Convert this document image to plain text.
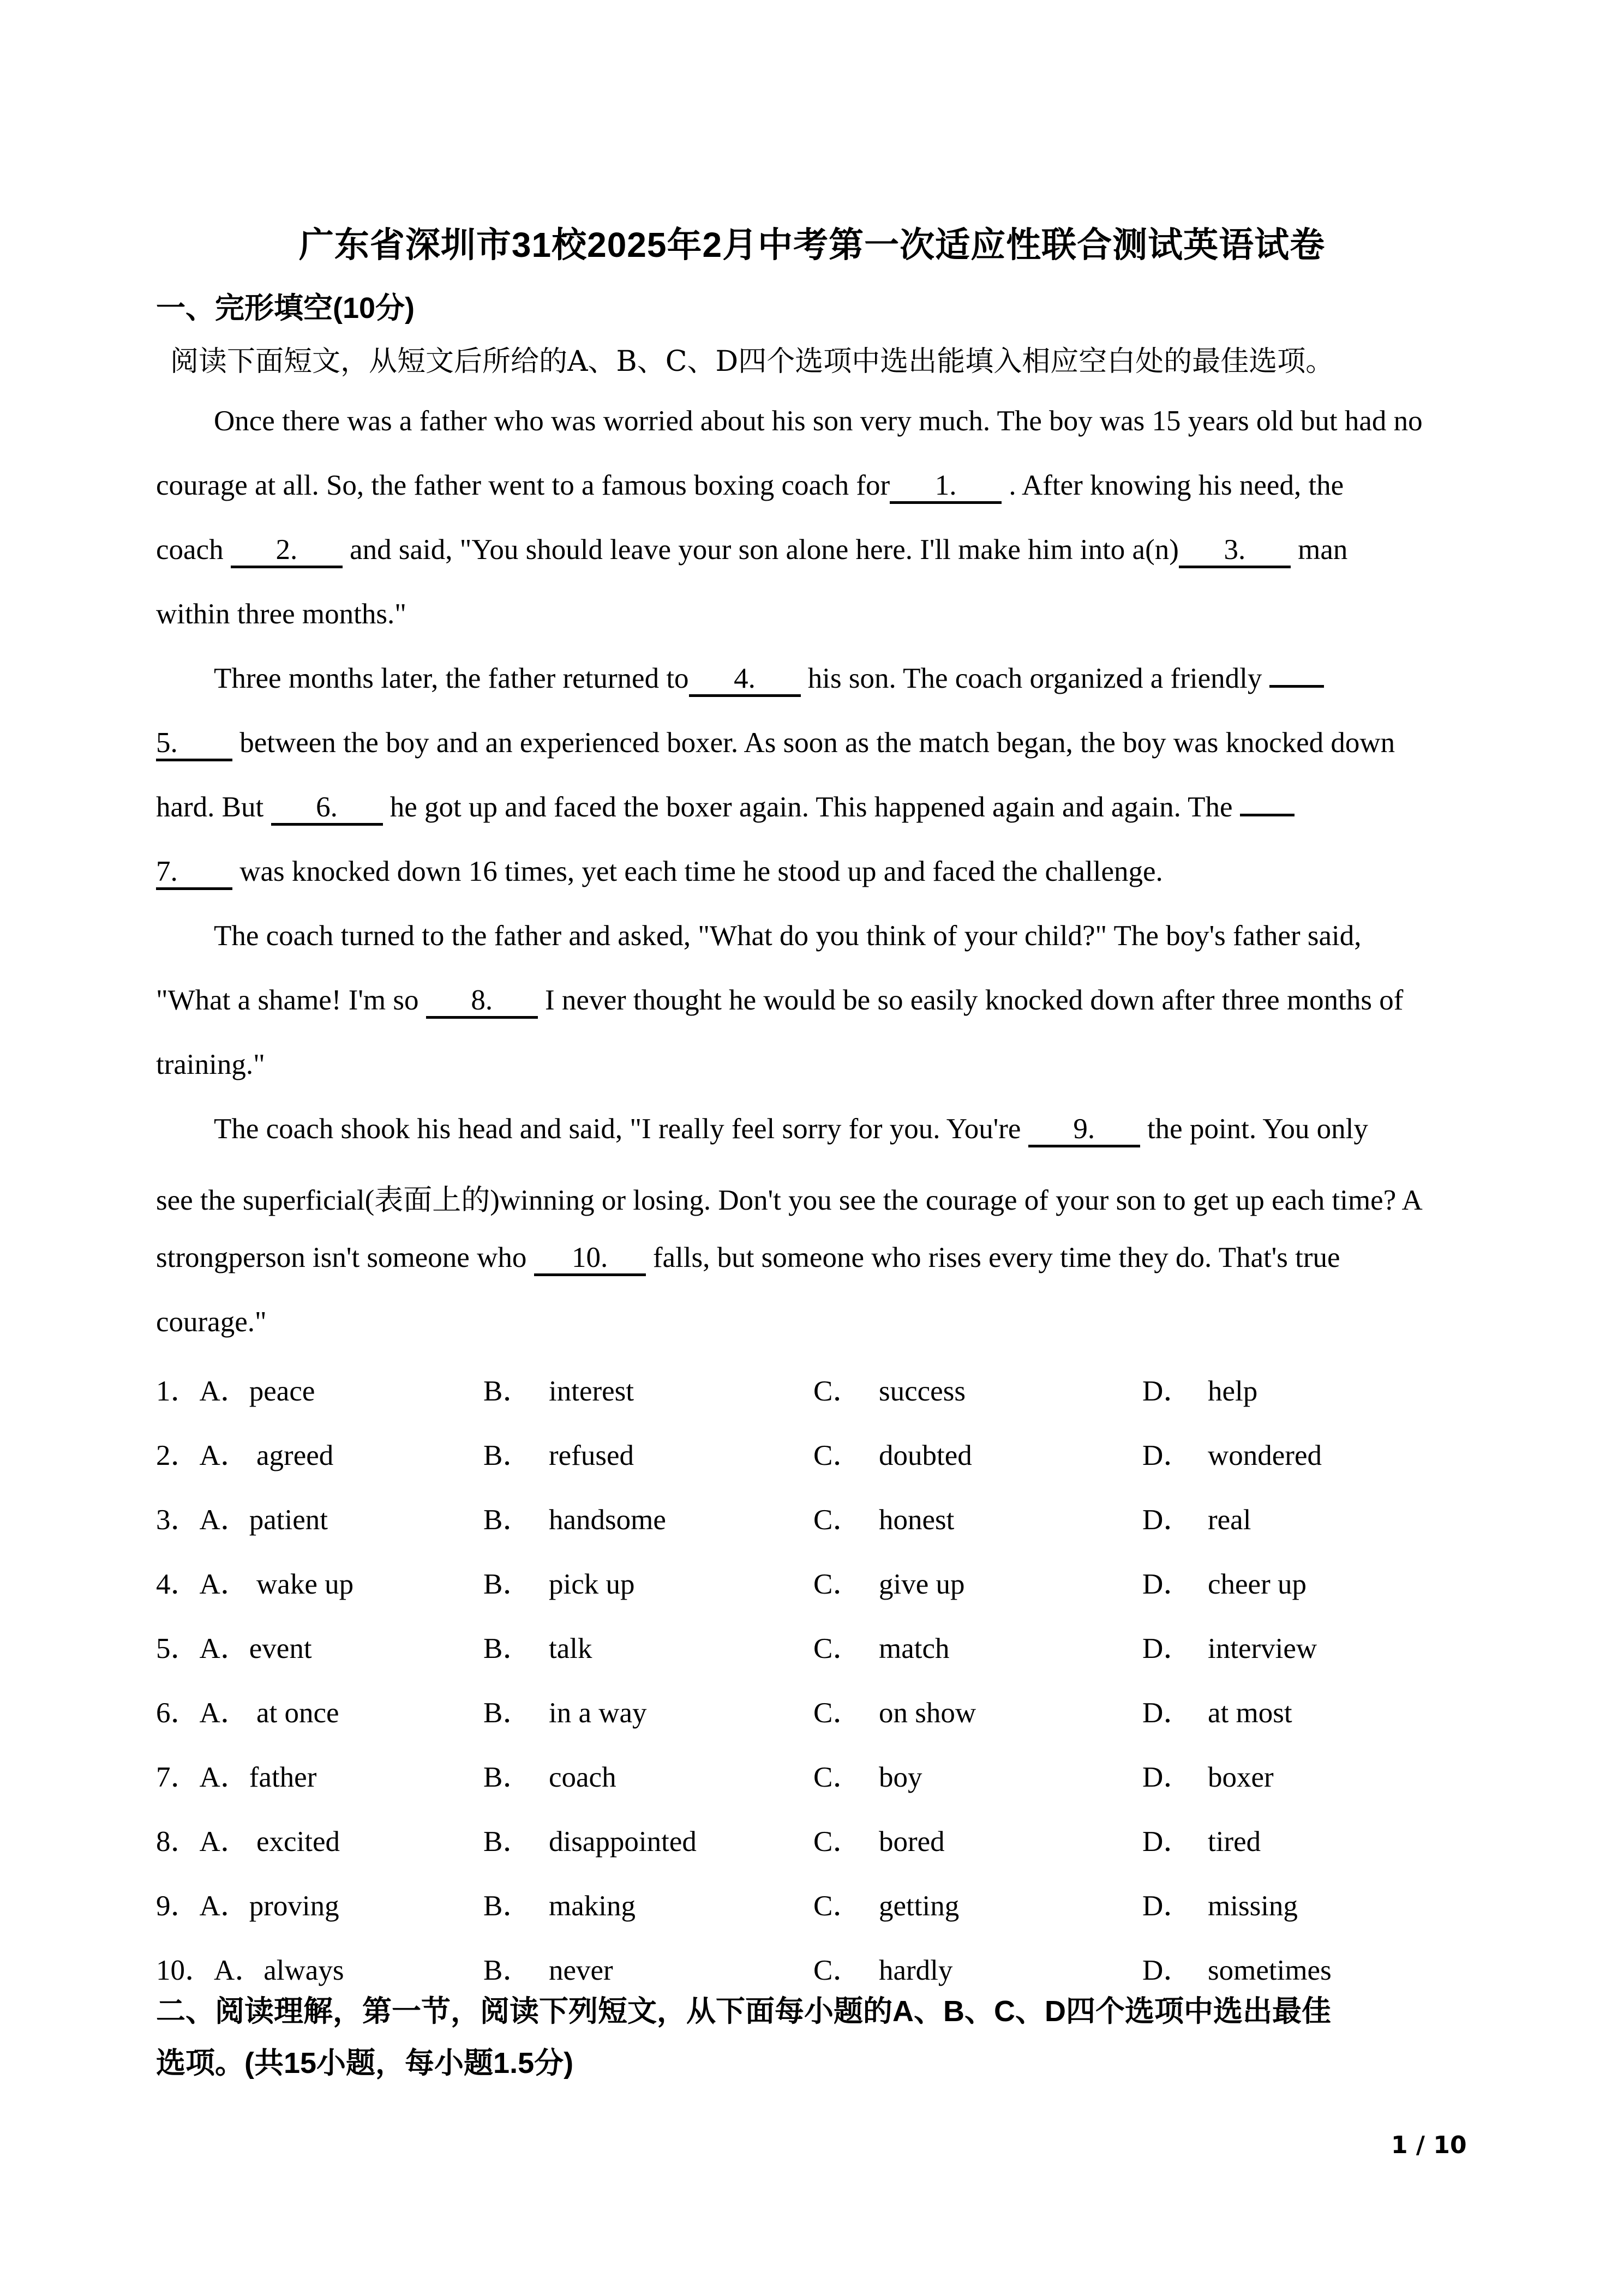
广东省深圳市31校2025年2月中考第一次适应性联合测试英语试卷
一、完形填空(10分)
阅读下面短文，从短文后所给的A、B、C、D四个选项中选出能填入相应空白处的最佳选项。
Once there was a father who was worried about his son very much. The boy was 15 years old but had no
courage at all. So, the father went to a famous boxing coach for 1. . After knowing his need, the
coach 2. and said, "You should leave your son alone here. I'll make him into a(n) 3. man
within three months."
Three months later, the father returned to 4. his son. The coach organized a friendly
5. between the boy and an experienced boxer. As soon as the match began, the boy was knocked down
hard. But 6. he got up and faced the boxer again. This happened again and again. The
7. was knocked down 16 times, yet each time he stood up and faced the challenge.
The coach turned to the father and asked, "What do you think of your child?" The boy's father said,
"What a shame! I'm so 8. I never thought he would be so easily knocked down after three months of
training."
The coach shook his head and said, "I really feel sorry for you. You're 9. the point. You only
see the superficial(表面上的)winning or losing. Don't you see the courage of your son to get up each time? A
strongperson isn't someone who 10. falls, but someone who rises every time they do. That's true
courage."
1．A．peace	B． interest	C． success	D． help
2．A． agreed	B． refused	C． doubted	D． wondered
3．A．patient	B． handsome	C． honest	D． real
4．A． wake up	B． pick up	C． give up	D． cheer up
5．A．event	B． talk	C． match	D． interview
6．A． at once	B． in a way	C． on show	D． at most
7．A．father	B． coach	C． boy	D． boxer
8．A． excited	B． disappointed	C． bored	D． tired
9．A．proving	B． making	C． getting	D． missing
10．A．always	B． never	C． hardly	D． sometimes
二、阅读理解，第一节，阅读下列短文，从下面每小题的A、B、C、D四个选项中选出最佳
选项。(共15小题，每小题1.5分)
1 / 10
